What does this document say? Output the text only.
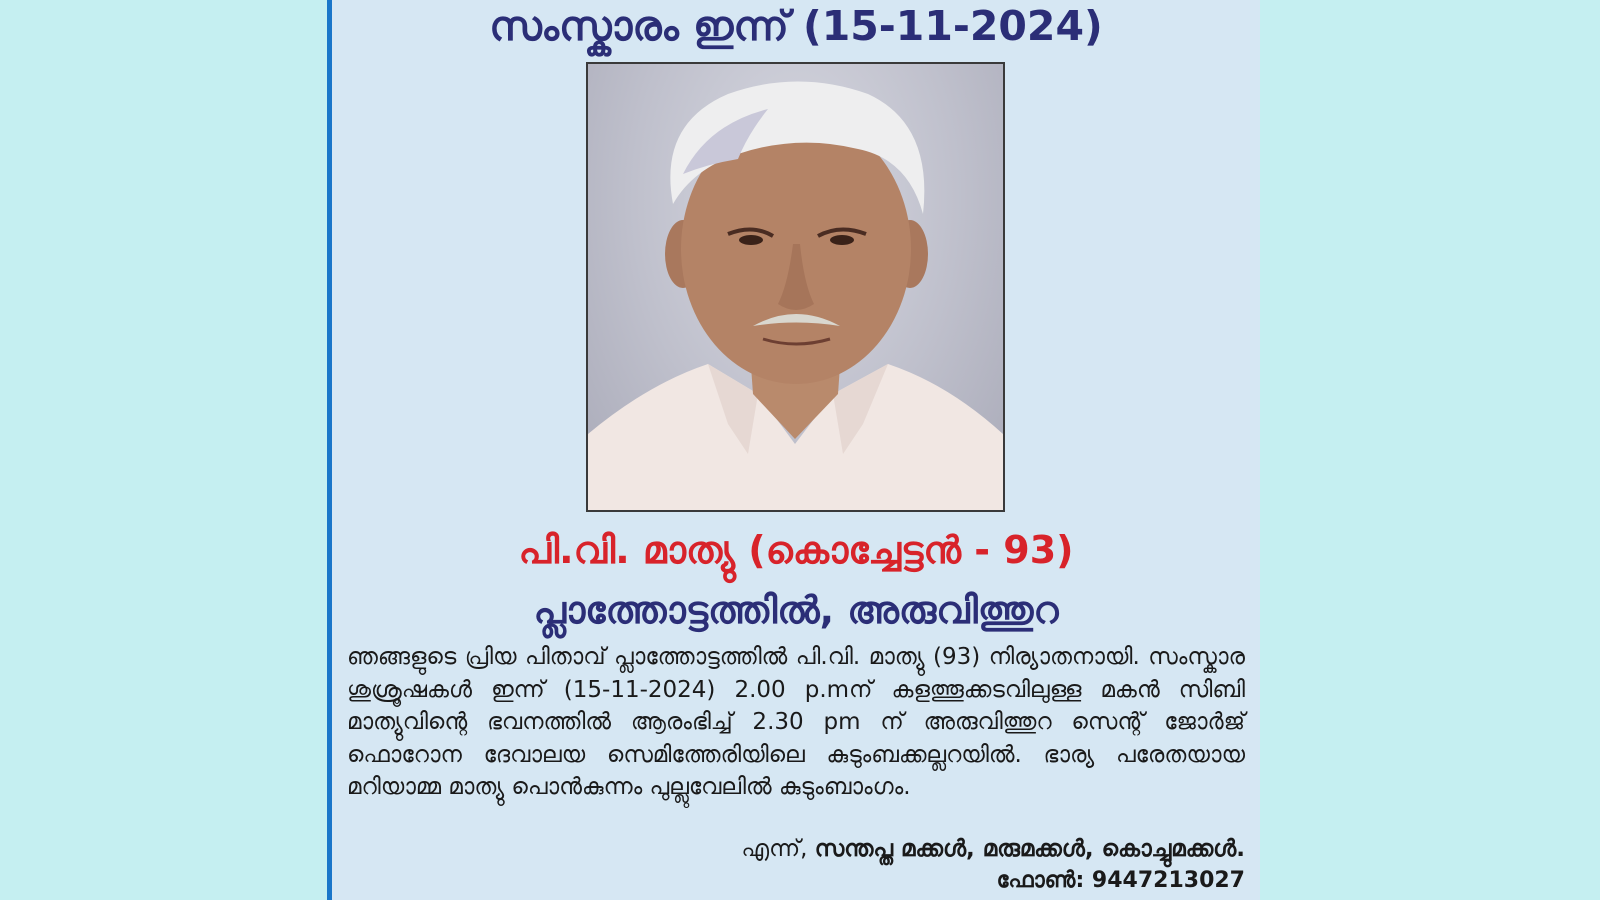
സംസ്കാരം ഇന്ന് (15-11-2024)
പി.വി. മാത്യു (കൊച്ചേട്ടൻ - 93)
പ്ലാത്തോട്ടത്തിൽ, അരുവിത്തുറ
ഞങ്ങളുടെ പ്രിയ പിതാവ് പ്ലാത്തോട്ടത്തിൽ പി.വി. മാത്യു (93) നിര്യാതനായി. സംസ്കാര ശുശ്രൂഷകൾ ഇന്ന് (15-11-2024) 2.00 p.mന് കളത്തൂക്കടവിലുള്ള മകൻ സിബി മാത്യുവിന്റെ ഭവനത്തിൽ ആരംഭിച്ച് 2.30 pm ന് അരുവിത്തുറ സെന്റ് ജോർജ് ഫൊറോന ദേവാലയ സെമിത്തേരിയിലെ കുടുംബക്കല്ലറയിൽ. ഭാര്യ പരേതയായ മറിയാമ്മ മാത്യു പൊൻകുന്നം പുല്ലുവേലിൽ കുടുംബാംഗം.
എന്ന്, സന്തപ്ത മക്കൾ, മരുമക്കൾ, കൊച്ചുമക്കൾ.
ഫോൺ: 9447213027
